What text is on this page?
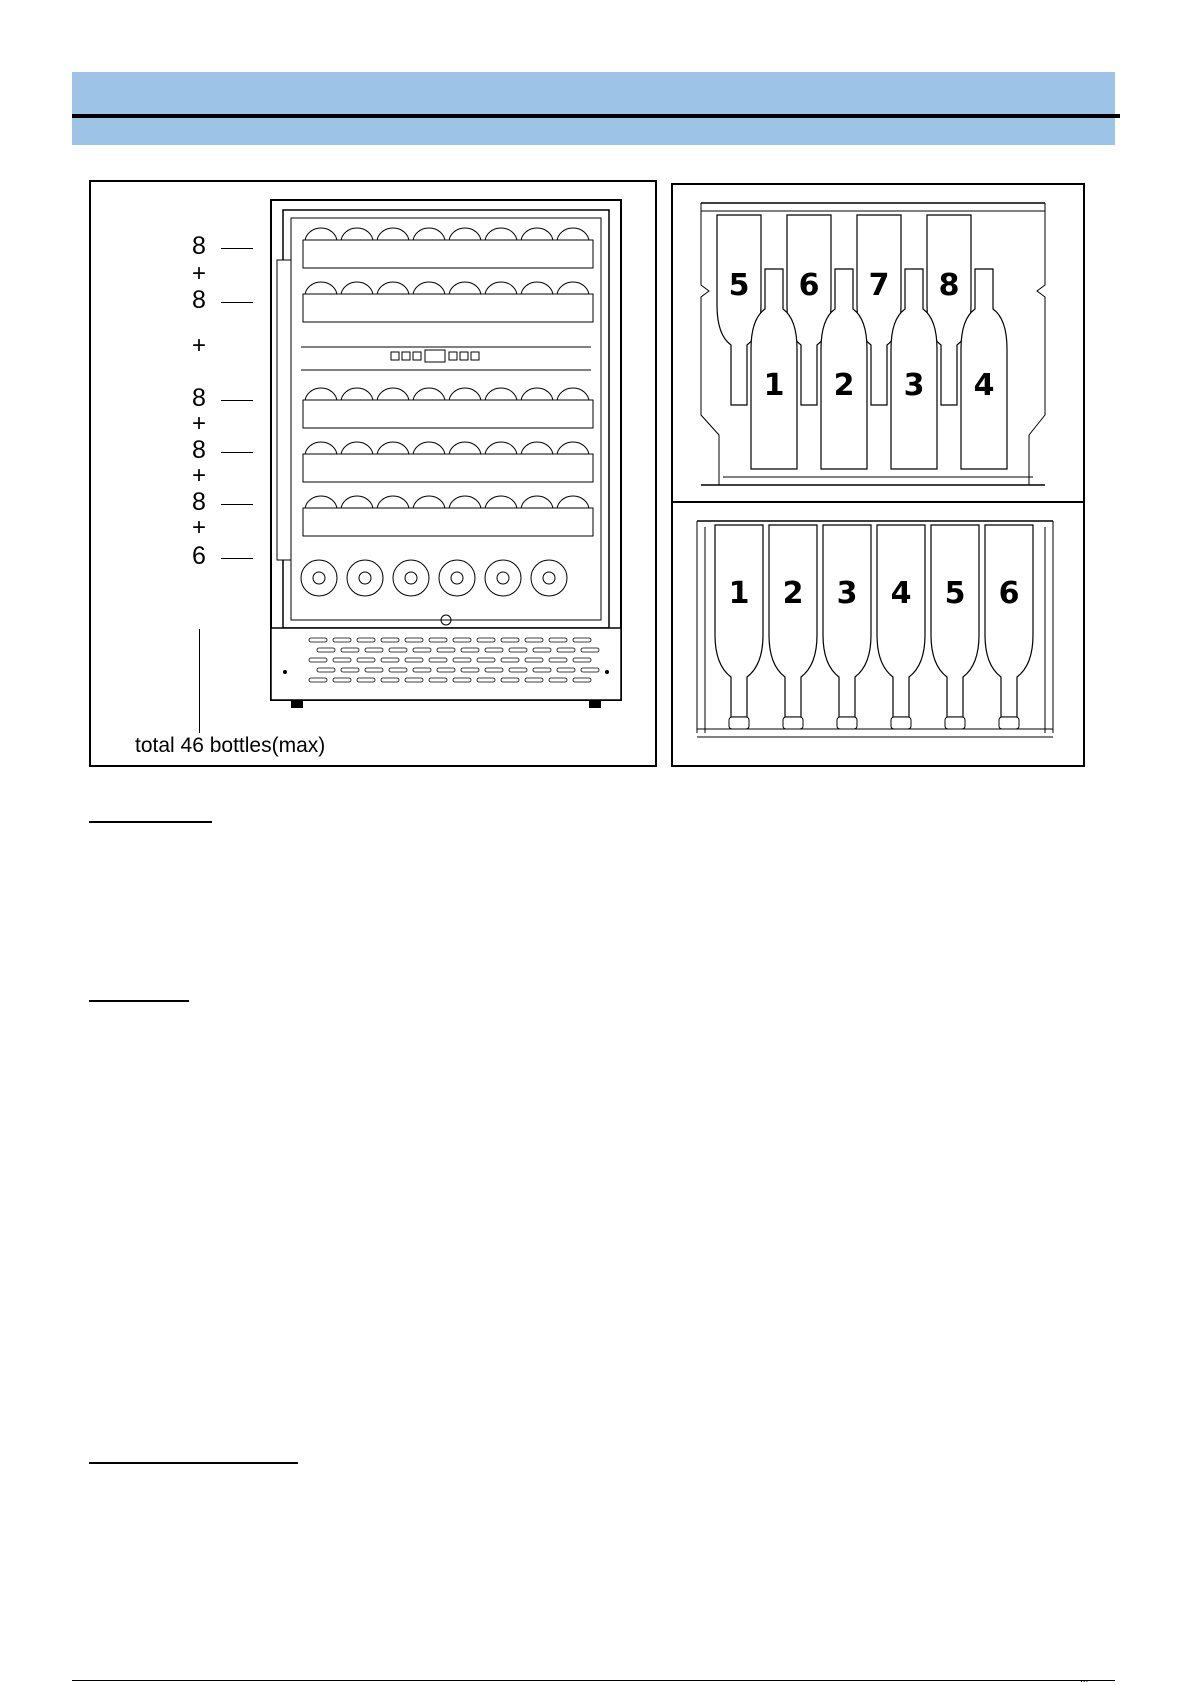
8
+
8
+
8
+
8
+
8
+
6
total 46 bottles(max)
5 6 7 8
1 2 3 4
1 2 3 4 5 6
...
